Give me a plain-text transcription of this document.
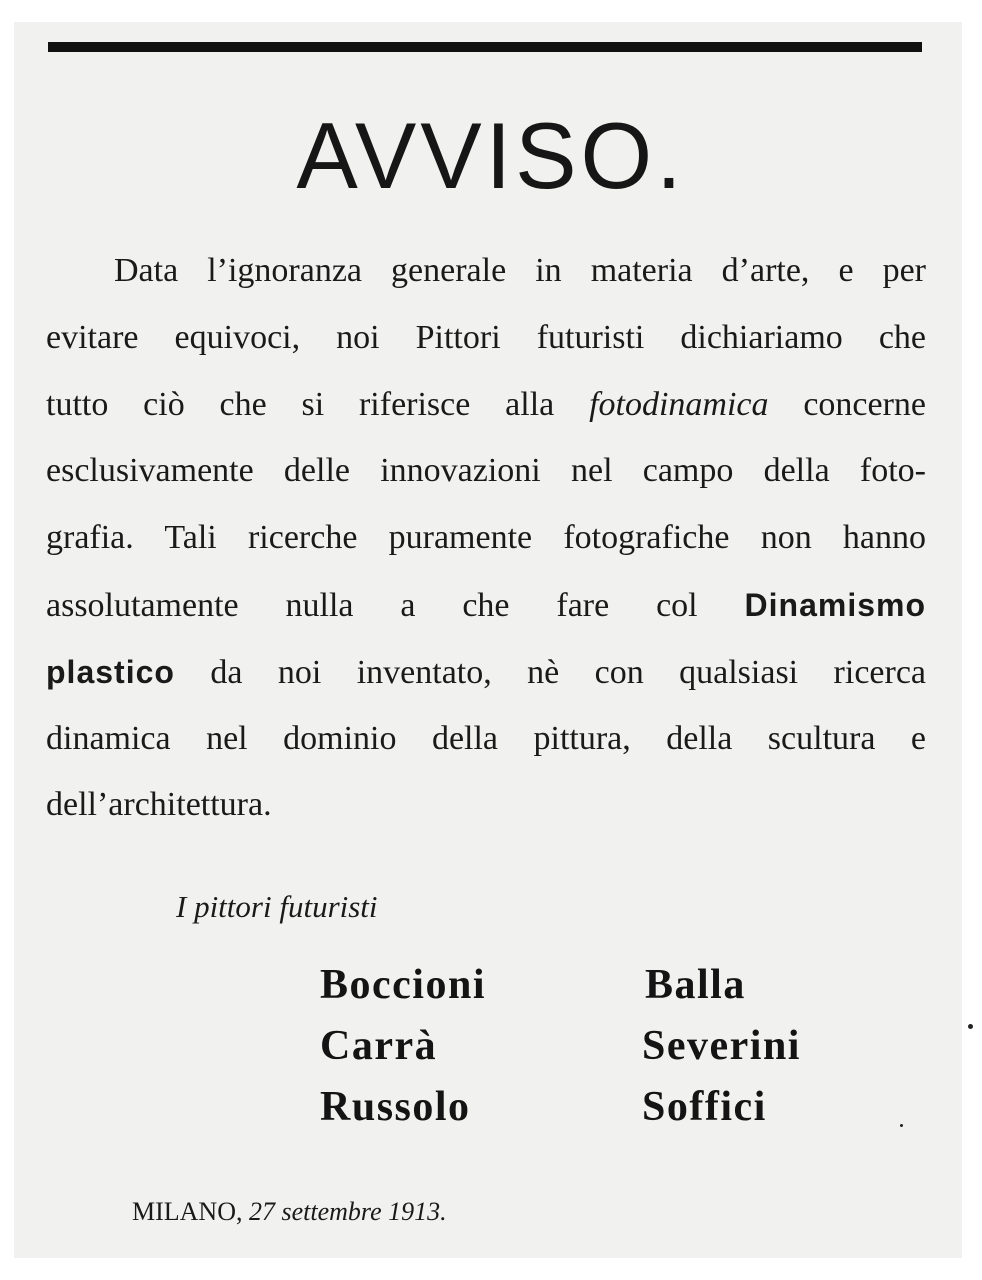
AVVISO.
Data l’ignoranza generale in materia d’arte, e per
evitare equivoci, noi Pittori futuristi dichiariamo che
tutto ciò che si riferisce alla fotodinamica concerne
esclusivamente delle innovazioni nel campo della foto-
grafia. Tali ricerche puramente fotografiche non hanno
assolutamente nulla a che fare col Dinamismo
plastico da noi inventato, nè con qualsiasi ricerca
dinamica nel dominio della pittura, della scultura e
dell’architettura.
I pittori futuristi
Boccioni	Balla
Carrà	Severini
Russolo	Soffici
MILANO, 27 settembre 1913.
